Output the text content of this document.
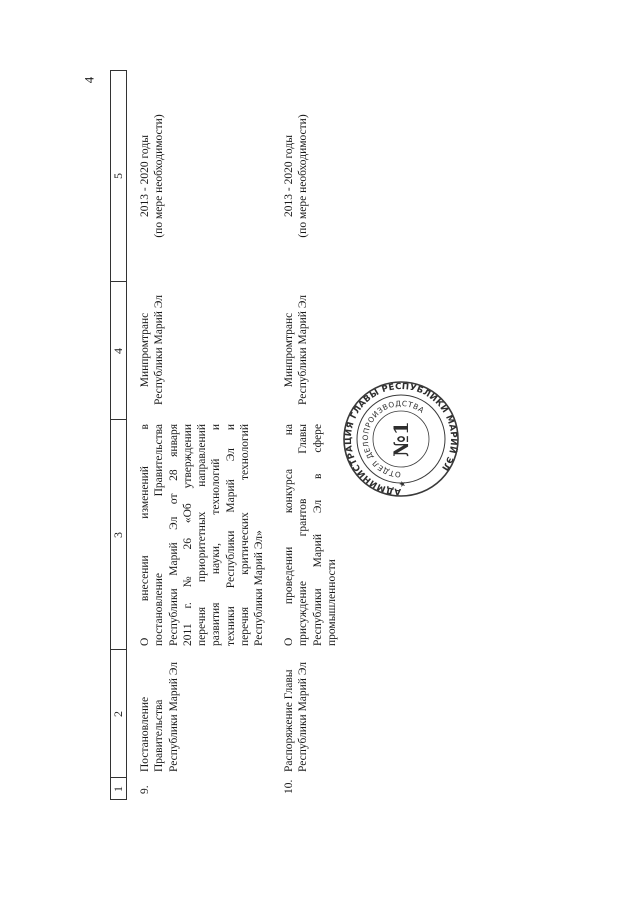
4
1
2
3
4
5
9.
Постановление Правительства Республики Марий Эл
О внесении изменений в постановление Правительства Республики Марий Эл от 28 января 2011 г. № 26 «Об утверждении перечня приоритетных направлений развития науки, технологий и техники Республики Марий Эл и перечня критических технологий Республики Марий Эл»
Минпромтранс Республики Марий Эл
2013 - 2020 годы (по мере необходимости)
10.
Распоряжение Главы Республики Марий Эл
О проведении конкурса на присуждение грантов Главы Республики Марий Эл в сфере промышленности
Минпромтранс Республики Марий Эл
2013 - 2020 годы (по мере необходимости)
АДМИНИСТРАЦИЯ ГЛАВЫ РЕСПУБЛИКИ МАРИЙ ЭЛ
ОТДЕЛ ДЕЛОПРОИЗВОДСТВА
№1
★
